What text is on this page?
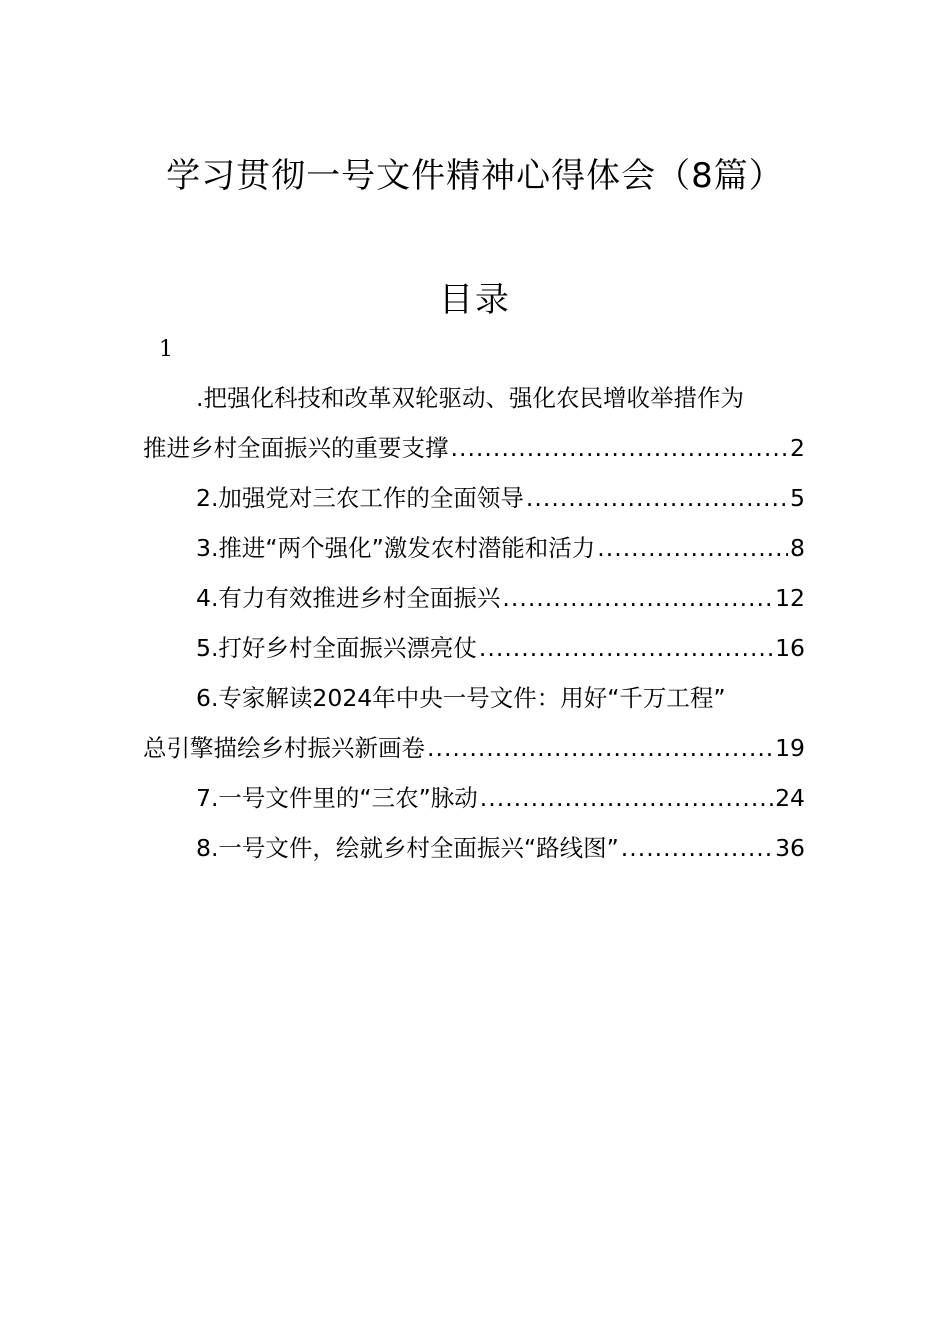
学习贯彻一号文件精神心得体会（8篇）
目录
1
.把强化科技和改革双轮驱动、强化农民增收举措作为
推进乡村全面振兴的重要支撑 .....	2
2.加强党对三农工作的全面领导 .....	5
3.推进“两个强化”激发农村潜能和活力 .....	8
4.有力有效推进乡村全面振兴 .....	12
5.打好乡村全面振兴漂亮仗 .....	16
6.专家解读2024年中央一号文件：用好“千万工程”
总引擎描绘乡村振兴新画卷 .....	19
7.一号文件里的“三农”脉动 .....	24
8.一号文件，绘就乡村全面振兴“路线图” .....	36
